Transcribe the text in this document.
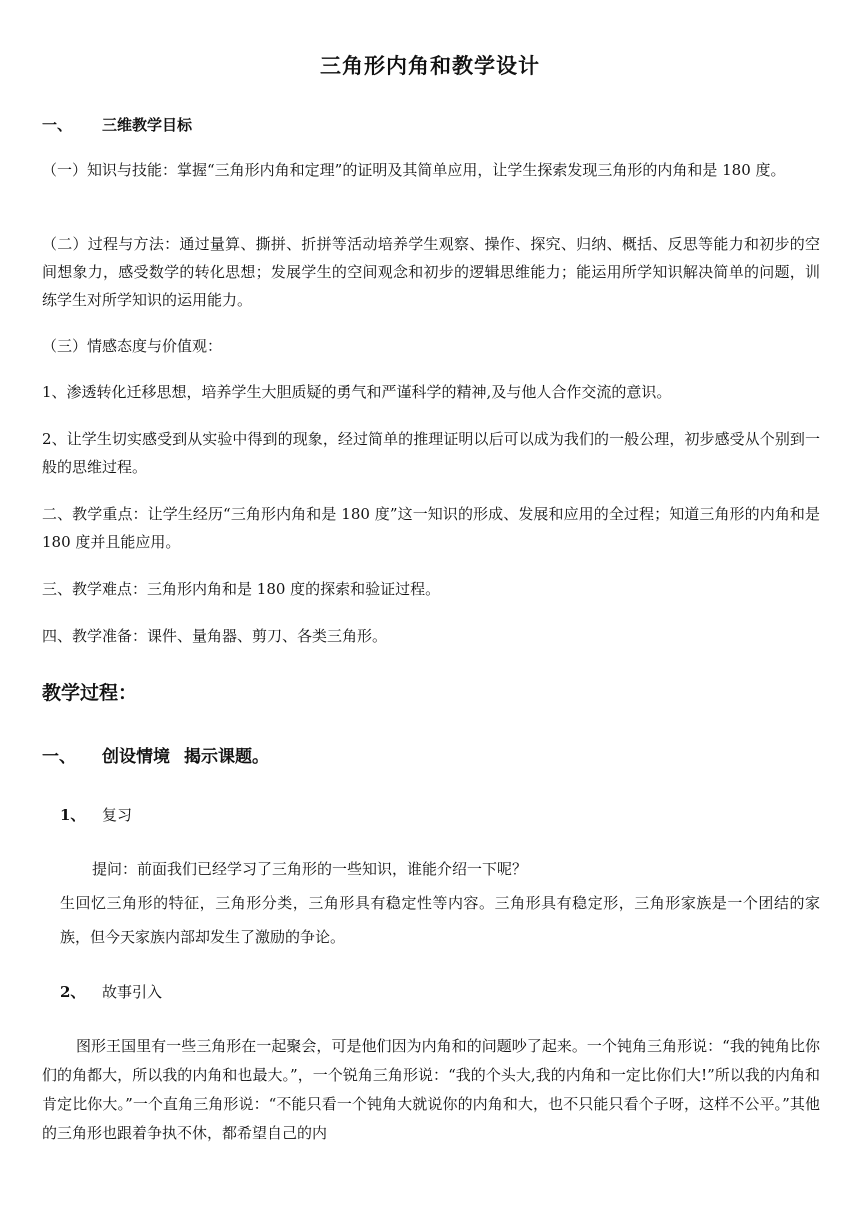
三角形内角和教学设计
一、 三维教学目标
（一）知识与技能：掌握“三角形内角和定理”的证明及其简单应用，让学生探索发现三角形的内角和是 180 度。
（二）过程与方法：通过量算、撕拼、折拼等活动培养学生观察、操作、探究、归纳、概括、反思等能力和初步的空间想象力，感受数学的转化思想；发展学生的空间观念和初步的逻辑思维能力；能运用所学知识解决简单的问题，训练学生对所学知识的运用能力。
（三）情感态度与价值观：
1、渗透转化迁移思想，培养学生大胆质疑的勇气和严谨科学的精神,及与他人合作交流的意识。
2、让学生切实感受到从实验中得到的现象，经过简单的推理证明以后可以成为我们的一般公理，初步感受从个别到一般的思维过程。
二、教学重点：让学生经历“三角形内角和是 180 度”这一知识的形成、发展和应用的全过程；知道三角形的内角和是 180 度并且能应用。
三、教学难点：三角形内角和是 180 度的探索和验证过程。
四、教学准备：课件、量角器、剪刀、各类三角形。
教学过程：
一、 创设情境 揭示课题。
1、 复习
提问：前面我们已经学习了三角形的一些知识，谁能介绍一下呢？
生回忆三角形的特征，三角形分类，三角形具有稳定性等内容。三角形具有稳定形，三角形家族是一个团结的家族，但今天家族内部却发生了激励的争论。
2、 故事引入
图形王国里有一些三角形在一起聚会，可是他们因为内角和的问题吵了起来。一个钝角三角形说：“我的钝角比你们的角都大，所以我的内角和也最大。”，一个锐角三角形说：“我的个头大,我的内角和一定比你们大!”所以我的内角和肯定比你大。”一个直角三角形说：“不能只看一个钝角大就说你的内角和大，也不只能只看个子呀，这样不公平。”其他的三角形也跟着争执不休，都希望自己的内
